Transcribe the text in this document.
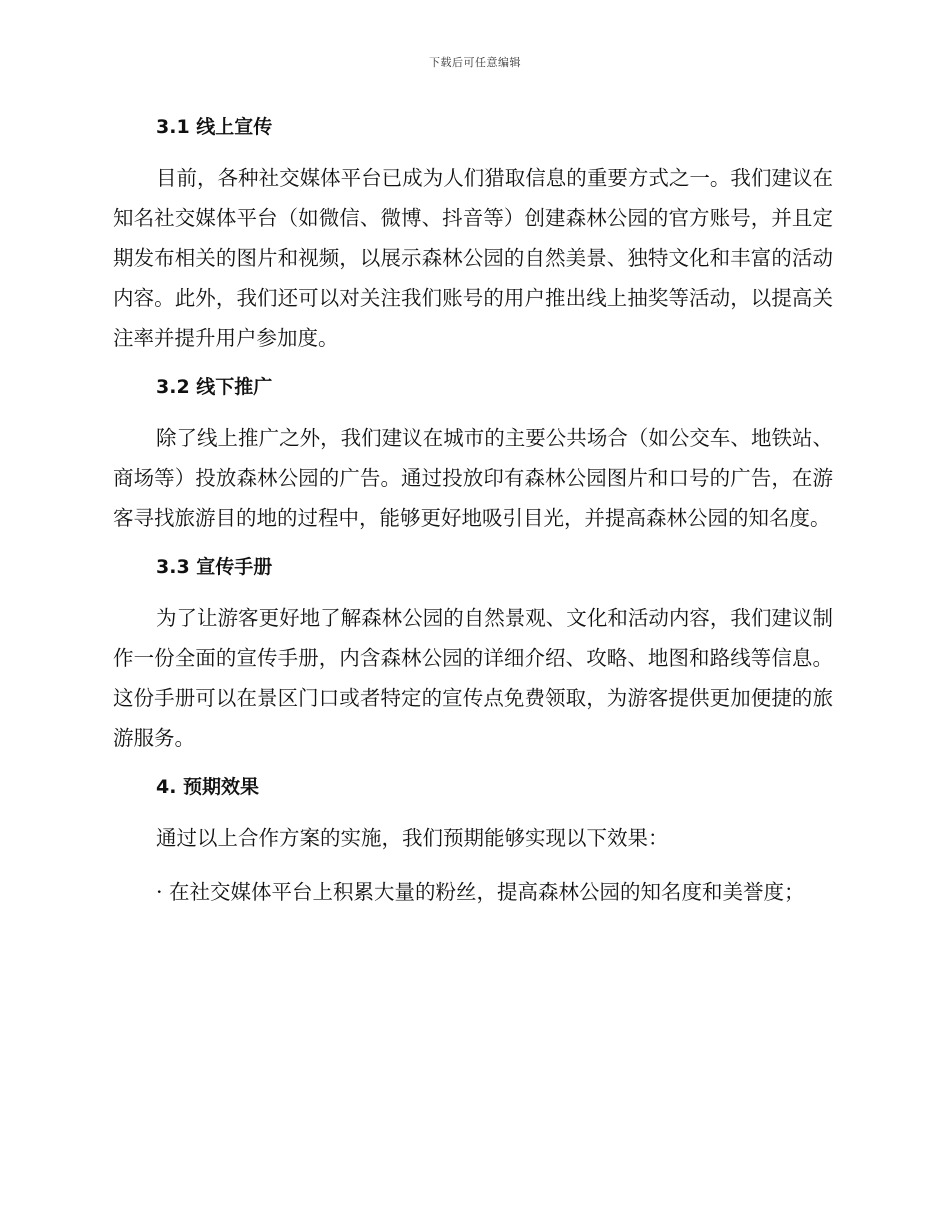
下载后可任意编辑

3.1 线上宣传

目前，各种社交媒体平台已成为人们猎取信息的重要方式之一。我们建议在知名社交媒体平台（如微信、微博、抖音等）创建森林公园的官方账号，并且定期发布相关的图片和视频，以展示森林公园的自然美景、独特文化和丰富的活动内容。此外，我们还可以对关注我们账号的用户推出线上抽奖等活动，以提高关注率并提升用户参加度。

3.2 线下推广

除了线上推广之外，我们建议在城市的主要公共场合（如公交车、地铁站、商场等）投放森林公园的广告。通过投放印有森林公园图片和口号的广告，在游客寻找旅游目的地的过程中，能够更好地吸引目光，并提高森林公园的知名度。

3.3 宣传手册

为了让游客更好地了解森林公园的自然景观、文化和活动内容，我们建议制作一份全面的宣传手册，内含森林公园的详细介绍、攻略、地图和路线等信息。这份手册可以在景区门口或者特定的宣传点免费领取，为游客提供更加便捷的旅游服务。

4. 预期效果

通过以上合作方案的实施，我们预期能够实现以下效果：

· 在社交媒体平台上积累大量的粉丝，提高森林公园的知名度和美誉度；
